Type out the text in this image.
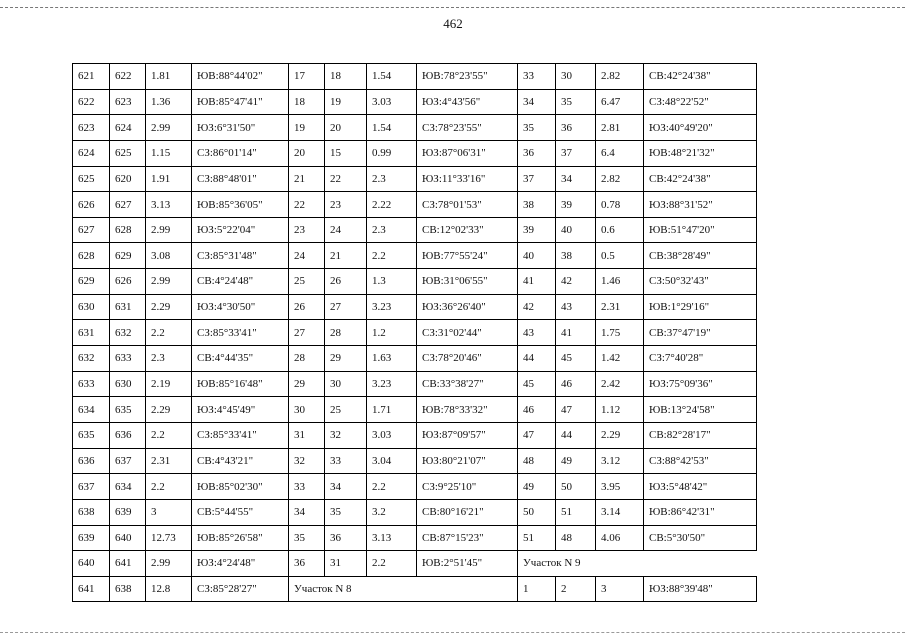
462
621	622	1.81	ЮВ:88°44'02"	17	18	1.54	ЮВ:78°23'55"	33	30	2.82	СВ:42°24'38"
622	623	1.36	ЮВ:85°47'41"	18	19	3.03	ЮЗ:4°43'56"	34	35	6.47	СЗ:48°22'52"
623	624	2.99	ЮЗ:6°31'50"	19	20	1.54	СЗ:78°23'55"	35	36	2.81	ЮЗ:40°49'20"
624	625	1.15	СЗ:86°01'14"	20	15	0.99	ЮЗ:87°06'31"	36	37	6.4	ЮВ:48°21'32"
625	620	1.91	СЗ:88°48'01"	21	22	2.3	ЮЗ:11°33'16"	37	34	2.82	СВ:42°24'38"
626	627	3.13	ЮВ:85°36'05"	22	23	2.22	СЗ:78°01'53"	38	39	0.78	ЮЗ:88°31'52"
627	628	2.99	ЮЗ:5°22'04"	23	24	2.3	СВ:12°02'33"	39	40	0.6	ЮВ:51°47'20"
628	629	3.08	СЗ:85°31'48"	24	21	2.2	ЮВ:77°55'24"	40	38	0.5	СВ:38°28'49"
629	626	2.99	СВ:4°24'48"	25	26	1.3	ЮВ:31°06'55"	41	42	1.46	СЗ:50°32'43"
630	631	2.29	ЮЗ:4°30'50"	26	27	3.23	ЮЗ:36°26'40"	42	43	2.31	ЮВ:1°29'16"
631	632	2.2	СЗ:85°33'41"	27	28	1.2	СЗ:31°02'44"	43	41	1.75	СВ:37°47'19"
632	633	2.3	СВ:4°44'35"	28	29	1.63	СЗ:78°20'46"	44	45	1.42	СЗ:7°40'28"
633	630	2.19	ЮВ:85°16'48"	29	30	3.23	СВ:33°38'27"	45	46	2.42	ЮЗ:75°09'36"
634	635	2.29	ЮЗ:4°45'49"	30	25	1.71	ЮВ:78°33'32"	46	47	1.12	ЮВ:13°24'58"
635	636	2.2	СЗ:85°33'41"	31	32	3.03	ЮЗ:87°09'57"	47	44	2.29	СВ:82°28'17"
636	637	2.31	СВ:4°43'21"	32	33	3.04	ЮЗ:80°21'07"	48	49	3.12	СЗ:88°42'53"
637	634	2.2	ЮВ:85°02'30"	33	34	2.2	СЗ:9°25'10"	49	50	3.95	ЮЗ:5°48'42"
638	639	3	СВ:5°44'55"	34	35	3.2	СВ:80°16'21"	50	51	3.14	ЮВ:86°42'31"
639	640	12.73	ЮВ:85°26'58"	35	36	3.13	СВ:87°15'23"	51	48	4.06	СВ:5°30'50"
640	641	2.99	ЮЗ:4°24'48"	36	31	2.2	ЮВ:2°51'45"	Участок N 9			
641	638	12.8	СЗ:85°28'27"	Участок N 8				1	2	3	ЮЗ:88°39'48"
